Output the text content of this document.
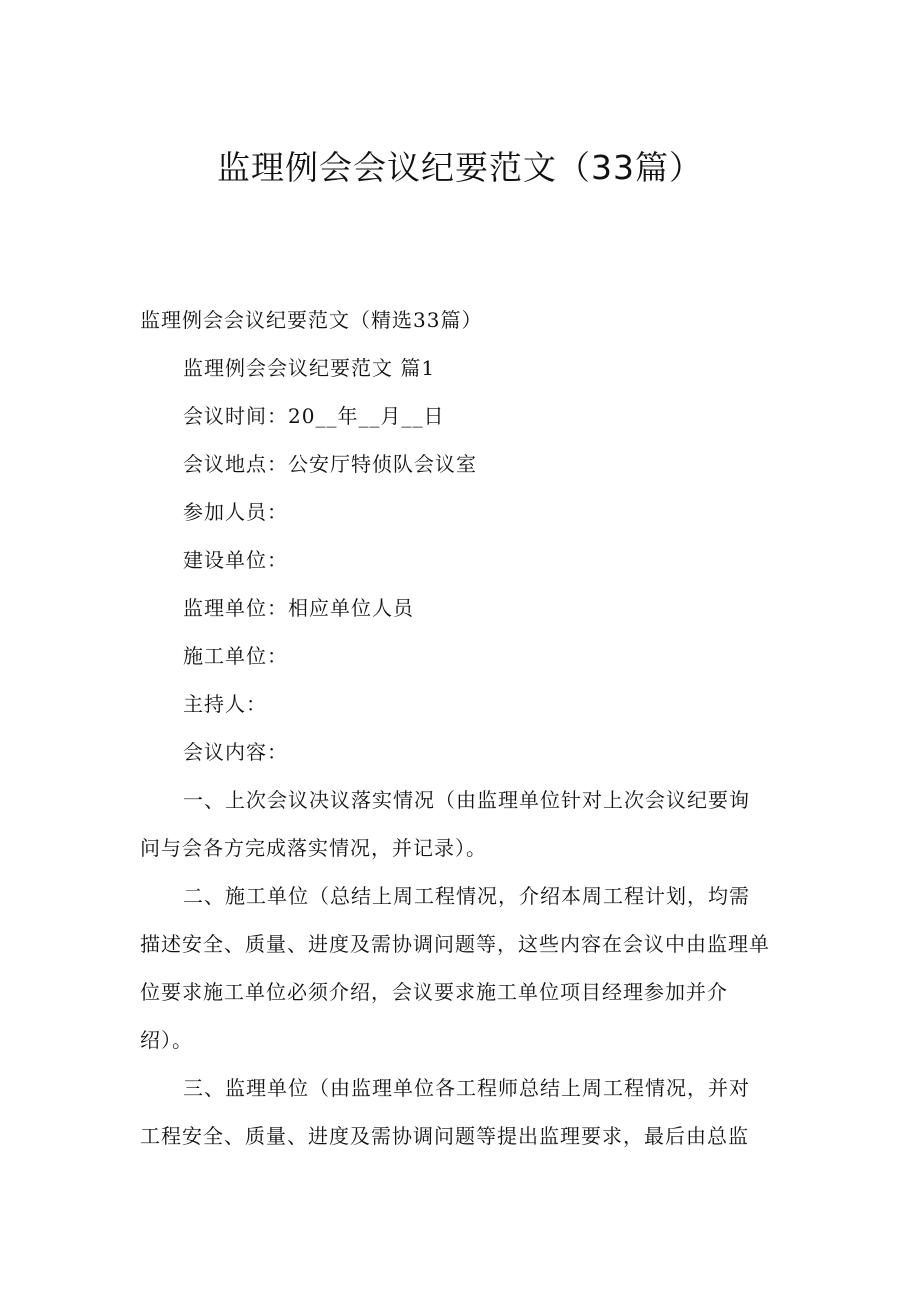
监理例会会议纪要范文（33篇）

监理例会会议纪要范文（精选33篇）

监理例会会议纪要范文 篇1

会议时间：20__年__月__日

会议地点：公安厅特侦队会议室

参加人员：

建设单位：

监理单位：相应单位人员

施工单位：

主持人：

会议内容：

一、上次会议决议落实情况（由监理单位针对上次会议纪要询问与会各方完成落实情况，并记录）。

二、施工单位（总结上周工程情况，介绍本周工程计划，均需描述安全、质量、进度及需协调问题等，这些内容在会议中由监理单位要求施工单位必须介绍，会议要求施工单位项目经理参加并介绍）。

三、监理单位（由监理单位各工程师总结上周工程情况，并对工程安全、质量、进度及需协调问题等提出监理要求，最后由总监
